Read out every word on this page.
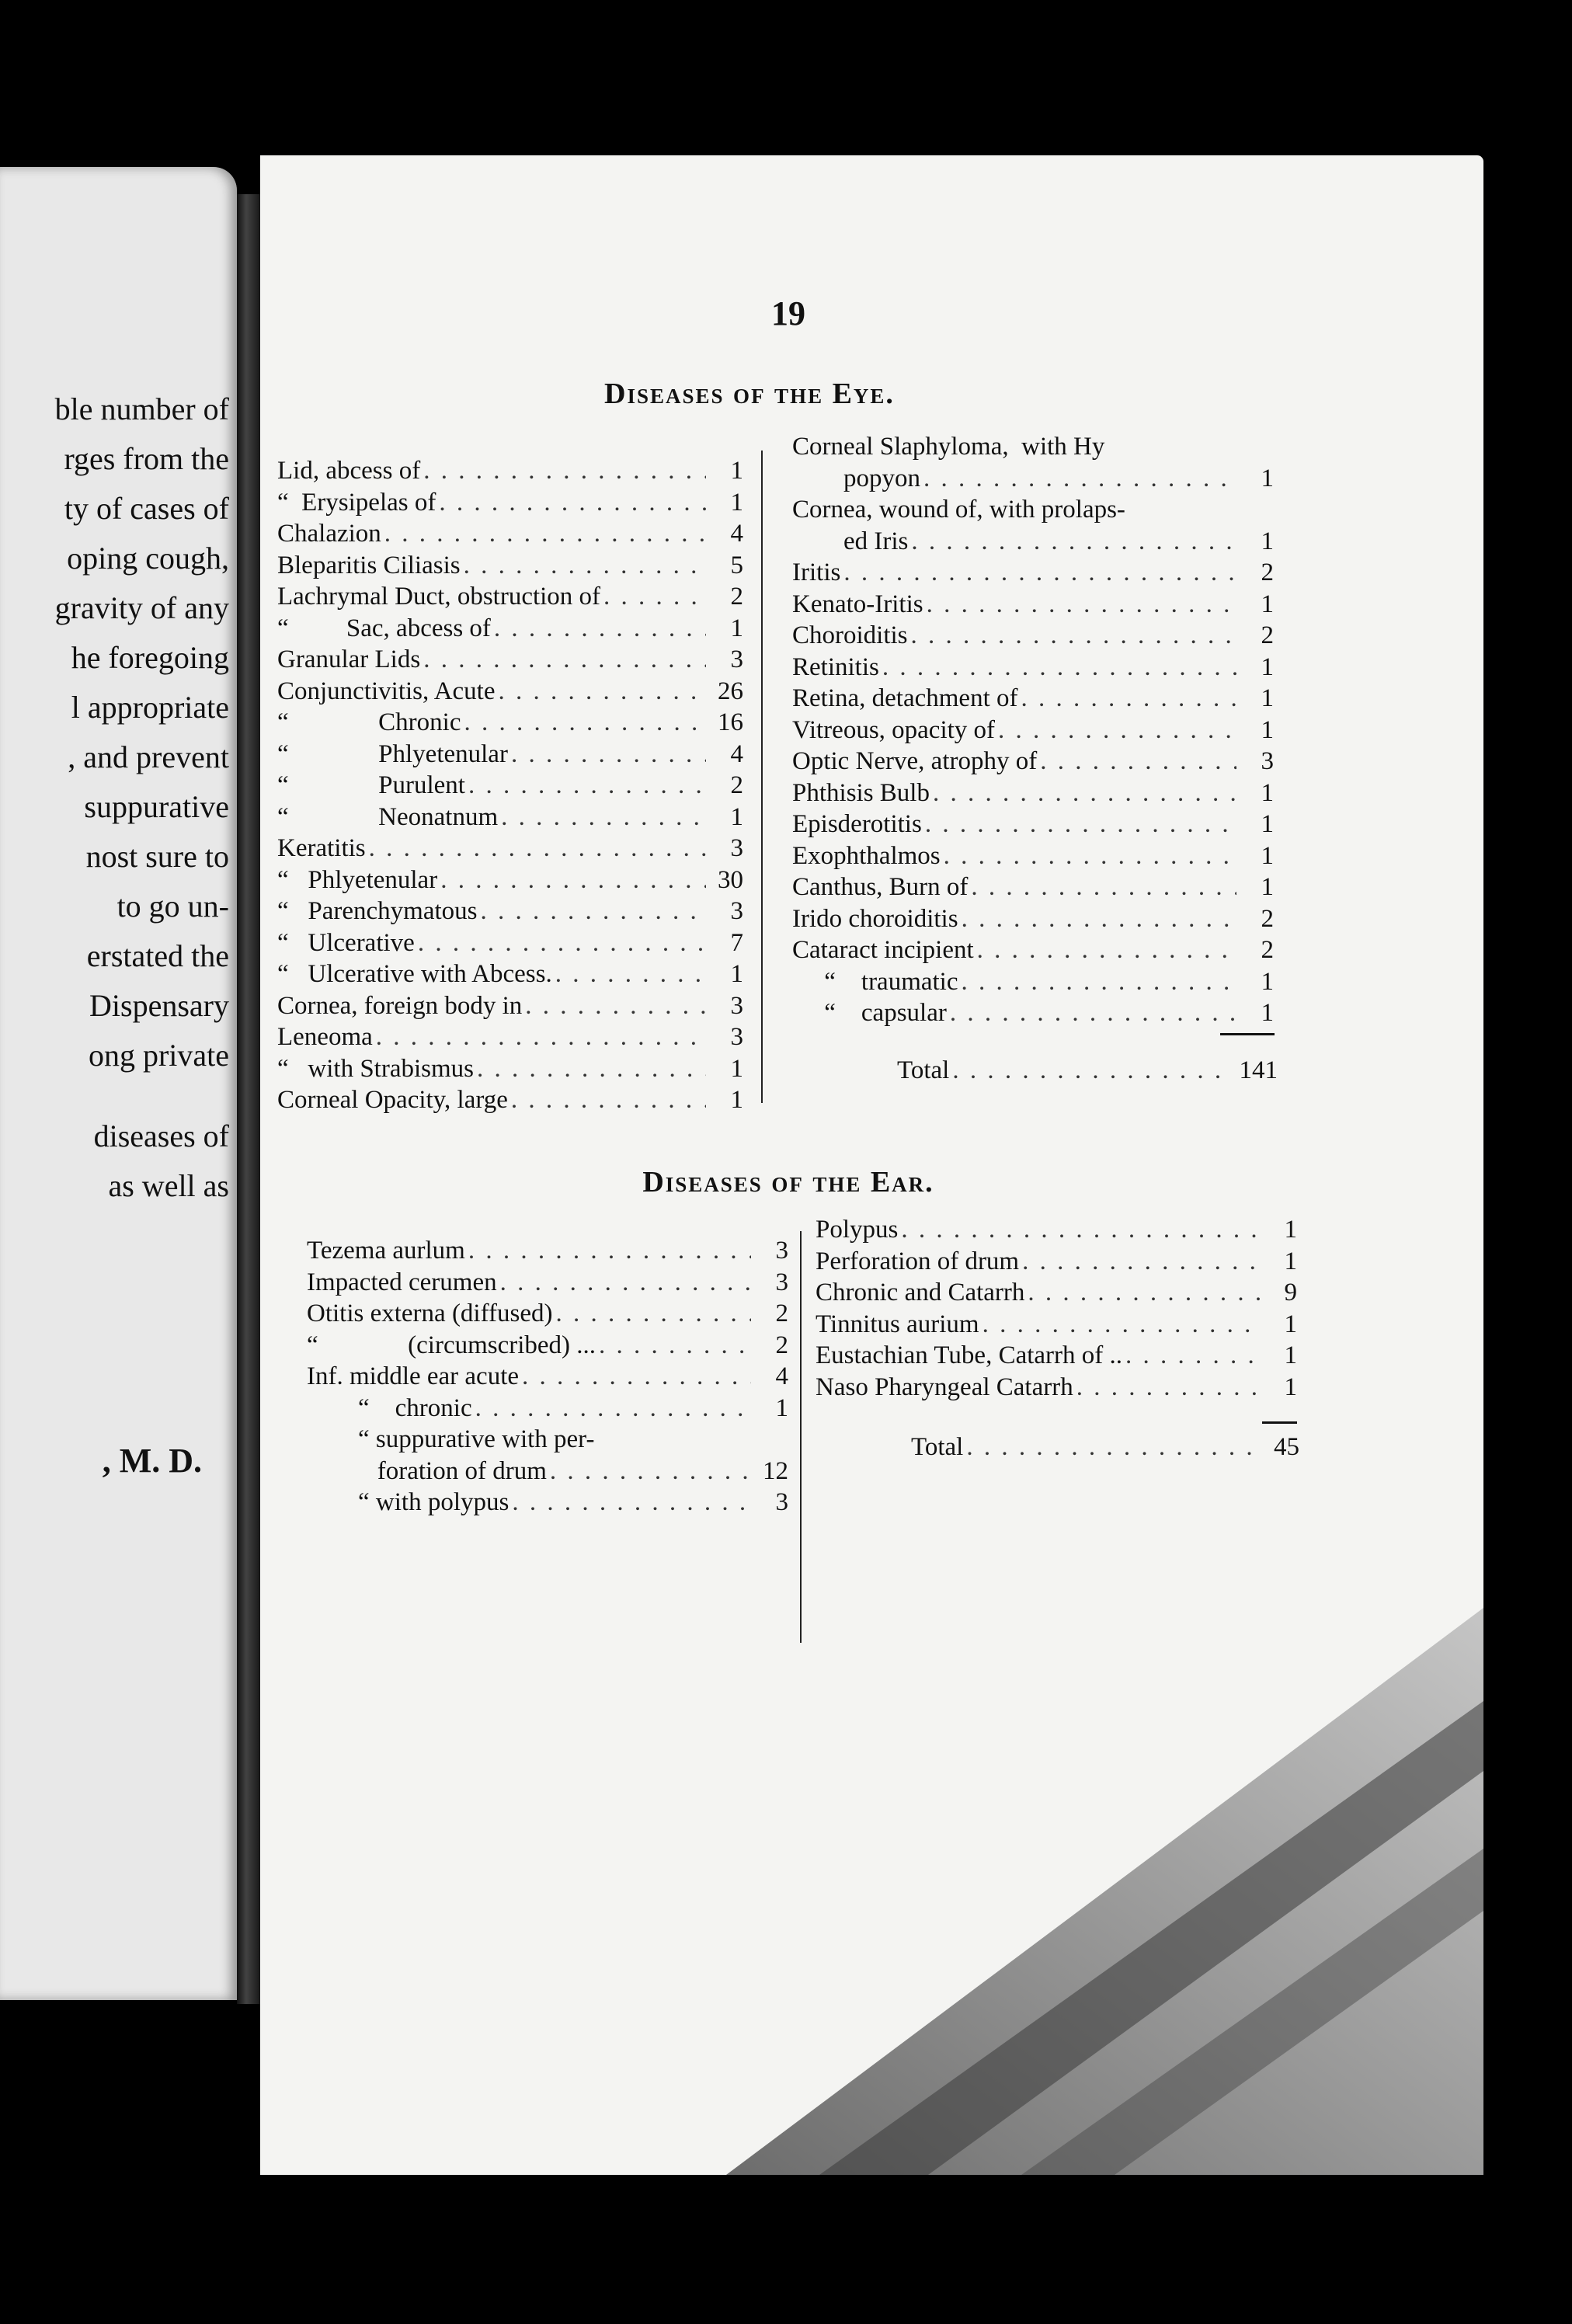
ble number of
rges from the
ty of cases of
oping cough,
gravity of any
he foregoing
l appropriate
, and prevent
suppurative
nost sure to
to go un-
erstated the
Dispensary
ong private
diseases of
as well as
, M. D.
19
Diseases of the Eye.
Lid, abcess of . . .	1
“  Erysipelas of . . .	1
Chalazion . . .	4
Bleparitis Ciliasis . . .	5
Lachrymal Duct, obstruction of . . .	2
“         Sac, abcess of . . .	1
Granular Lids . . .	3
Conjunctivitis, Acute . . .	26
“              Chronic . . .	16
“              Phlyetenular . . .	4
“              Purulent . . .	2
“              Neonatnum . . .	1
Keratitis . . .	3
“   Phlyetenular . . .	30
“   Parenchymatous . . .	3
“   Ulcerative . . .	7
“   Ulcerative with Abcess. . . .	1
Cornea, foreign body in . . .	3
Leneoma . . .	3
“   with Strabismus . . .	1
Corneal Opacity, large . . .	1
Corneal Slaphyloma,  with Hy
popyon . . .	1
Cornea, wound of, with prolaps-
ed Iris . . .	1
Iritis . . .	2
Kenato-Iritis . . .	1
Choroiditis . . .	2
Retinitis . . .	1
Retina, detachment of . . .	1
Vitreous, opacity of . . .	1
Optic Nerve, atrophy of . . .	3
Phthisis Bulb . . .	1
Episderotitis . . .	1
Exophthalmos . . .	1
Canthus, Burn of . . .	1
Irido choroiditis . . .	2
Cataract incipient . . .	2
“    traumatic . . .	1
“    capsular . . .	1
Total . . .	141
Diseases of the Ear.
Tezema aurlum . . .	3
Impacted cerumen . . .	3
Otitis externa (diffused) . . .	2
“              (circumscribed) ... . . .	2
Inf. middle ear acute . . .	4
“    chronic . . .	1
“ suppurative with per-
foration of drum . . .	12
“ with polypus . . .	3
Polypus . . .	1
Perforation of drum . . .	1
Chronic and Catarrh . . .	9
Tinnitus aurium . . .	1
Eustachian Tube, Catarrh of .. . . .	1
Naso Pharyngeal Catarrh . . .	1
Total . . .	45
